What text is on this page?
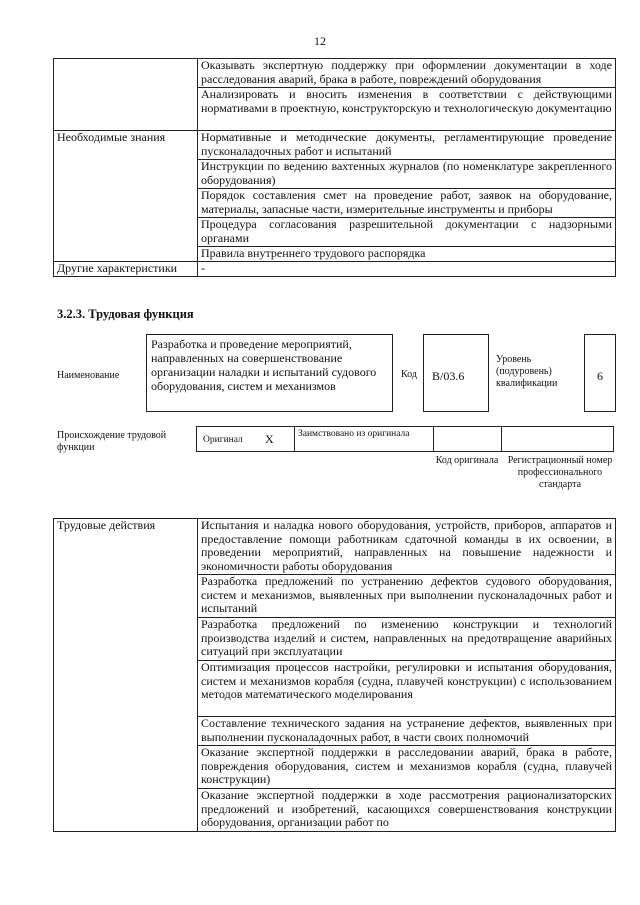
12
	Оказывать экспертную поддержку при оформлении документации в ходе расследования аварий, брака в работе, повреждений оборудования
	Анализировать и вносить изменения в соответствии с действующими нормативами в проектную, конструкторскую и технологическую документацию
Необходимые знания	Нормативные и методические документы, регламентирующие проведение пусконаладочных работ и испытаний
	Инструкции по ведению вахтенных журналов (по номенклатуре закрепленного оборудования)
	Порядок составления смет на проведение работ, заявок на оборудование, материалы, запасные части, измерительные инструменты и приборы
	Процедура согласования разрешительной документации с надзорными органами
	Правила внутреннего трудового распорядка
Другие характеристики	-
3.2.3. Трудовая функция
Наименование
Разработка и проведение мероприятий, направленных на совершенствование организации наладки и испытаний судового оборудования, систем и механизмов
Код В/03.6
Уровень (подуровень) квалификации
6
Происхождение трудовой функции
Оригинал X	Заимствовано из оригинала
Код оригинала Регистрационный номер профессионального стандарта
Трудовые действия	Испытания и наладка нового оборудования, устройств, приборов, аппаратов и предоставление помощи работникам сдаточной команды в их освоении, в проведении мероприятий, направленных на повышение надежности и экономичности работы оборудования
Разработка предложений по устранению дефектов судового оборудования, систем и механизмов, выявленных при выполнении пусконаладочных работ и испытаний
Разработка предложений по изменению конструкции и технологий производства изделий и систем, направленных на предотвращение аварийных ситуаций при эксплуатации
Оптимизация процессов настройки, регулировки и испытания оборудования, систем и механизмов корабля (судна, плавучей конструкции) с использованием методов математического моделирования
Составление технического задания на устранение дефектов, выявленных при выполнении пусконаладочных работ, в части своих полномочий
Оказание экспертной поддержки в расследовании аварий, брака в работе, повреждения оборудования, систем и механизмов корабля (судна, плавучей конструкции)
Оказание экспертной поддержки в ходе рассмотрения рационализаторских предложений и изобретений, касающихся совершенствования конструкции оборудования, организации работ по
